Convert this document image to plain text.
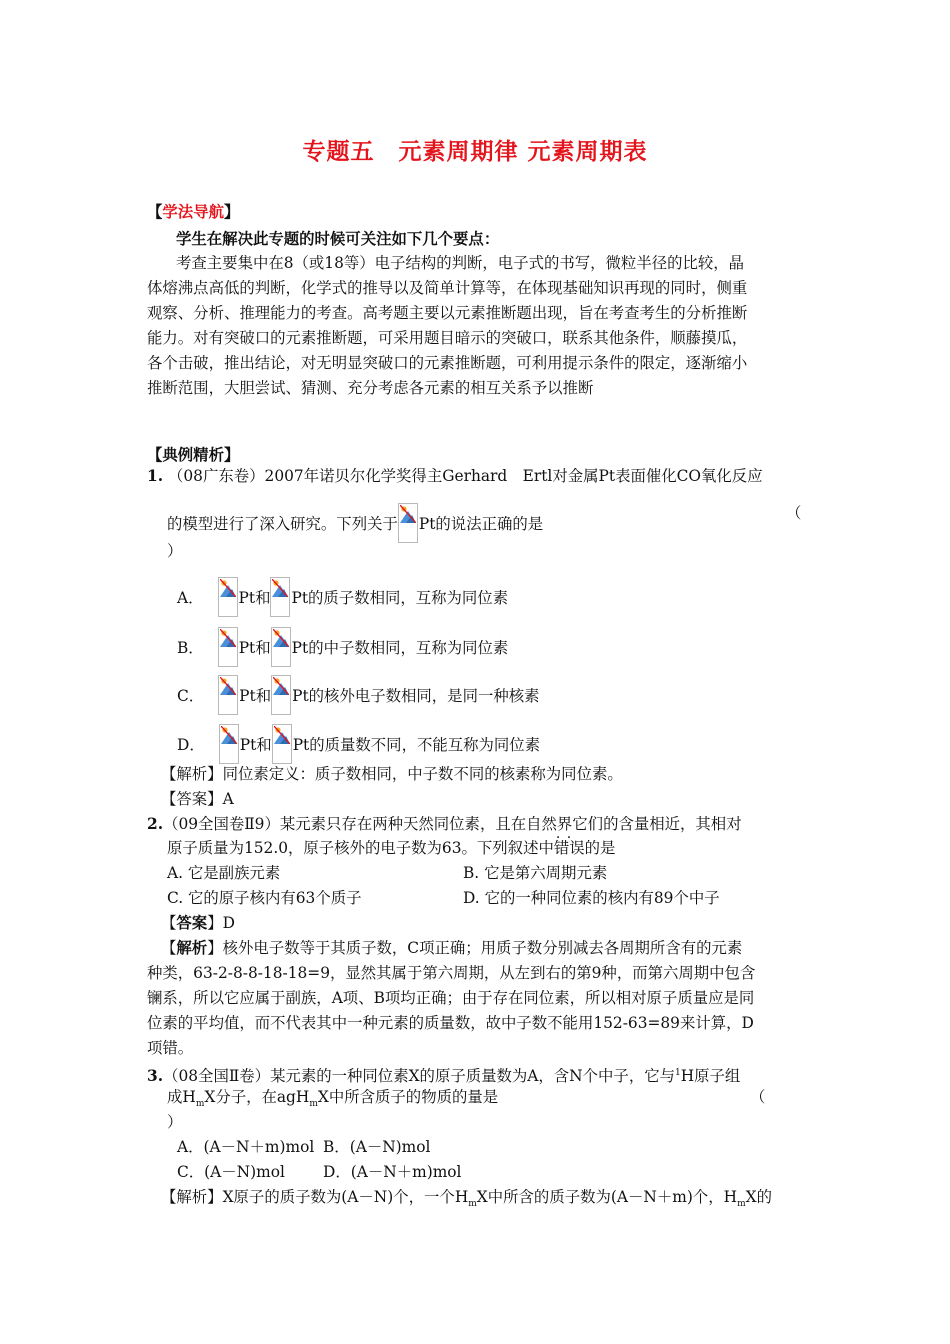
专题五　元素周期律 元素周期表
【学法导航】
学生在解决此专题的时候可关注如下几个要点：
考查主要集中在8（或18等）电子结构的判断，电子式的书写，微粒半径的比较，晶
体熔沸点高低的判断，化学式的推导以及简单计算等，在体现基础知识再现的同时，侧重
观察、分析、推理能力的考查。高考题主要以元素推断题出现，旨在考查考生的分析推断
能力。对有突破口的元素推断题，可采用题目暗示的突破口，联系其他条件，顺藤摸瓜，
各个击破，推出结论，对无明显突破口的元素推断题，可利用提示条件的限定，逐渐缩小
推断范围，大胆尝试、猜测、充分考虑各元素的相互关系予以推断
【典例精析】
1. （08广东卷）2007年诺贝尔化学奖得主Gerhard　Ertl对金属Pt表面催化CO氧化反应
的模型进行了深入研究。下列关于 Pt的说法正确的是
（
）
A． Pt和 Pt的质子数相同，互称为同位素
B． Pt和 Pt的中子数相同，互称为同位素
C． Pt和 Pt的核外电子数相同，是同一种核素
D． Pt和 Pt的质量数不同，不能互称为同位素
【解析】同位素定义：质子数相同，中子数不同的核素称为同位素。
【答案】A
2.（09全国卷Ⅱ9）某元素只存在两种天然同位素，且在自然界它们的含量相近，其相对
原子质量为152.0，原子核外的电子数为63。下列叙述中· · 错误的是
A. 它是副族元素	B. 它是第六周期元素
C. 它的原子核内有63个质子	D. 它的一种同位素的核内有89个中子
【答案】D
【解析】核外电子数等于其质子数，C项正确；用质子数分别减去各周期所含有的元素
种类，63-2-8-8-18-18=9，显然其属于第六周期，从左到右的第9种，而第六周期中包含
镧系，所以它应属于副族，A项、B项均正确；由于存在同位素，所以相对原子质量应是同
位素的平均值，而不代表其中一种元素的质量数，故中子数不能用152-63=89来计算，D
项错。
3.（08全国Ⅱ卷）某元素的一种同位素X的原子质量数为A，含N个中子，它与$^1$H原子组
成$H_mX$分子，在agH$_m$X中所含质子的物质的量是	（
）
A．(A－N＋m)mol B．(A－N)mol
C．(A－N)mol D．(A－N＋m)mol
【解析】X原子的质子数为(A－N)个，一个$H_mX$中所含的质子数为(A－N＋m)个，$H_mX$的
